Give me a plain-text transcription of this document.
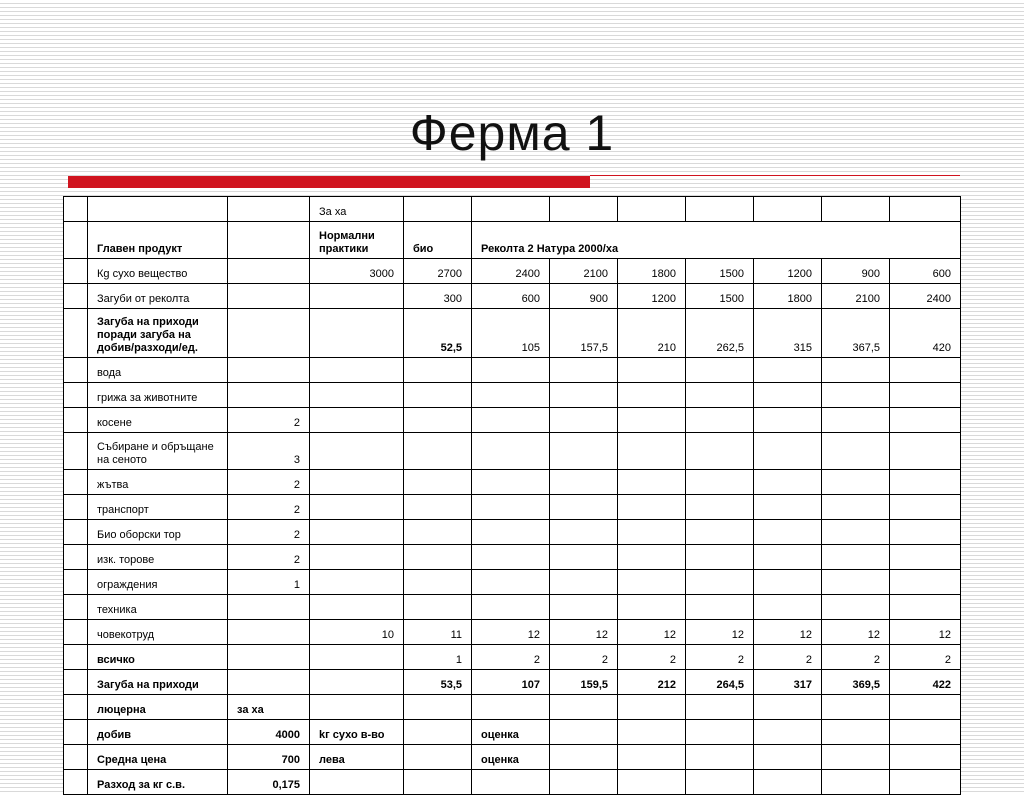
Ферма 1
			За ха								
	Главен продукт		Нормални практики	био	Реколта 2 Натура 2000/ха						
	Кg сухо вещество		3000	2700	2400	2100	1800	1500	1200	900	600
	Загуби от реколта			300	600	900	1200	1500	1800	2100	2400
	Загуба на приходи поради загуба на добив/разходи/ед.			52,5	105	157,5	210	262,5	315	367,5	420
	вода										
	грижа за животните										
	косене	2									
	Събиране и обръщане на сеното	3									
	жътва	2									
	транспорт	2									
	Био оборски тор	2									
	изк. торове	2									
	ограждения	1									
	техника										
	човекотруд		10	11	12	12	12	12	12	12	12
	всичко			1	2	2	2	2	2	2	2
	Загуба на приходи			53,5	107	159,5	212	264,5	317	369,5	422
	люцерна	за ха									
	добив	4000	kг сухо в-во		оценка						
	Средна цена	700	лева		оценка						
	Разход за кг с.в.	0,175									
